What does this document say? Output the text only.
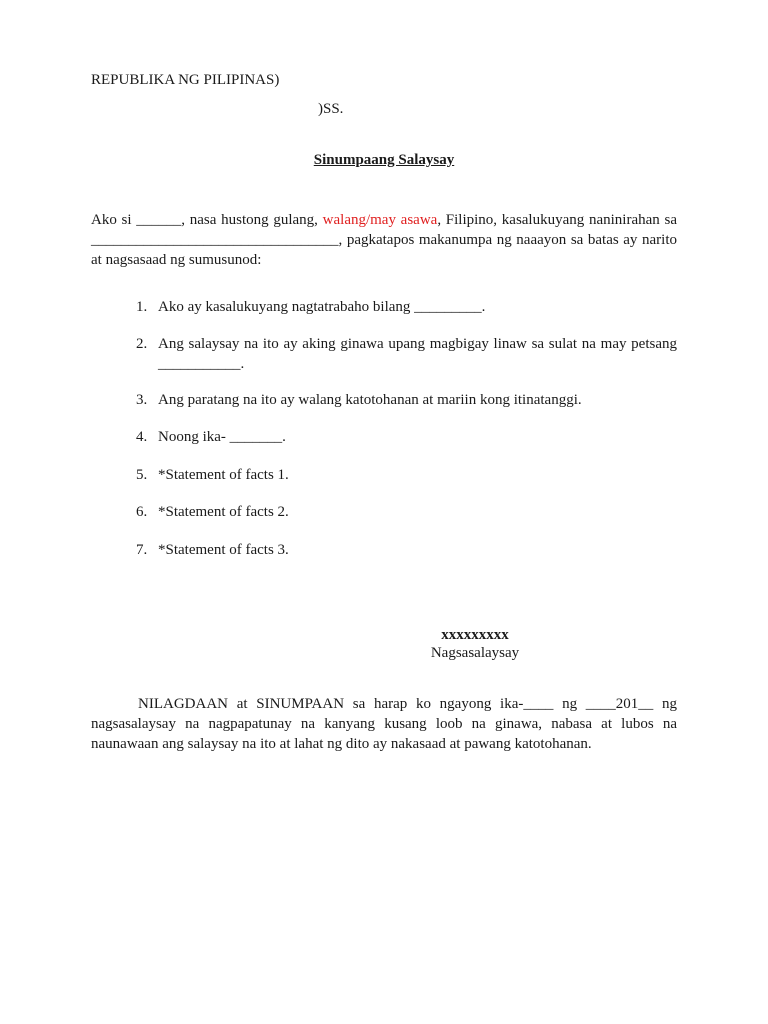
REPUBLIKA NG PILIPINAS)
)SS.
Sinumpaang Salaysay
Ako si ______, nasa hustong gulang, walang/may asawa, Filipino, kasalukuyang naninirahan sa _________________________________, pagkatapos makanumpa ng naaayon sa batas ay narito at nagsasaad ng sumusunod:
1. Ako ay kasalukuyang nagtatrabaho bilang _________.
2. Ang salaysay na ito ay aking ginawa upang magbigay linaw sa sulat na may petsang ___________.
3. Ang paratang na ito ay walang katotohanan at mariin kong itinatanggi.
4. Noong ika- _______.
5. *Statement of facts 1.
6. *Statement of facts 2.
7. *Statement of facts 3.
xxxxxxxxx
Nagsasalaysay
NILAGDAAN at SINUMPAAN sa harap ko ngayong ika-____ ng ____201__ ng nagsasalaysay na nagpapatunay na kanyang kusang loob na ginawa, nabasa at lubos na naunawaan ang salaysay na ito at lahat ng dito ay nakasaad at pawang katotohanan.
